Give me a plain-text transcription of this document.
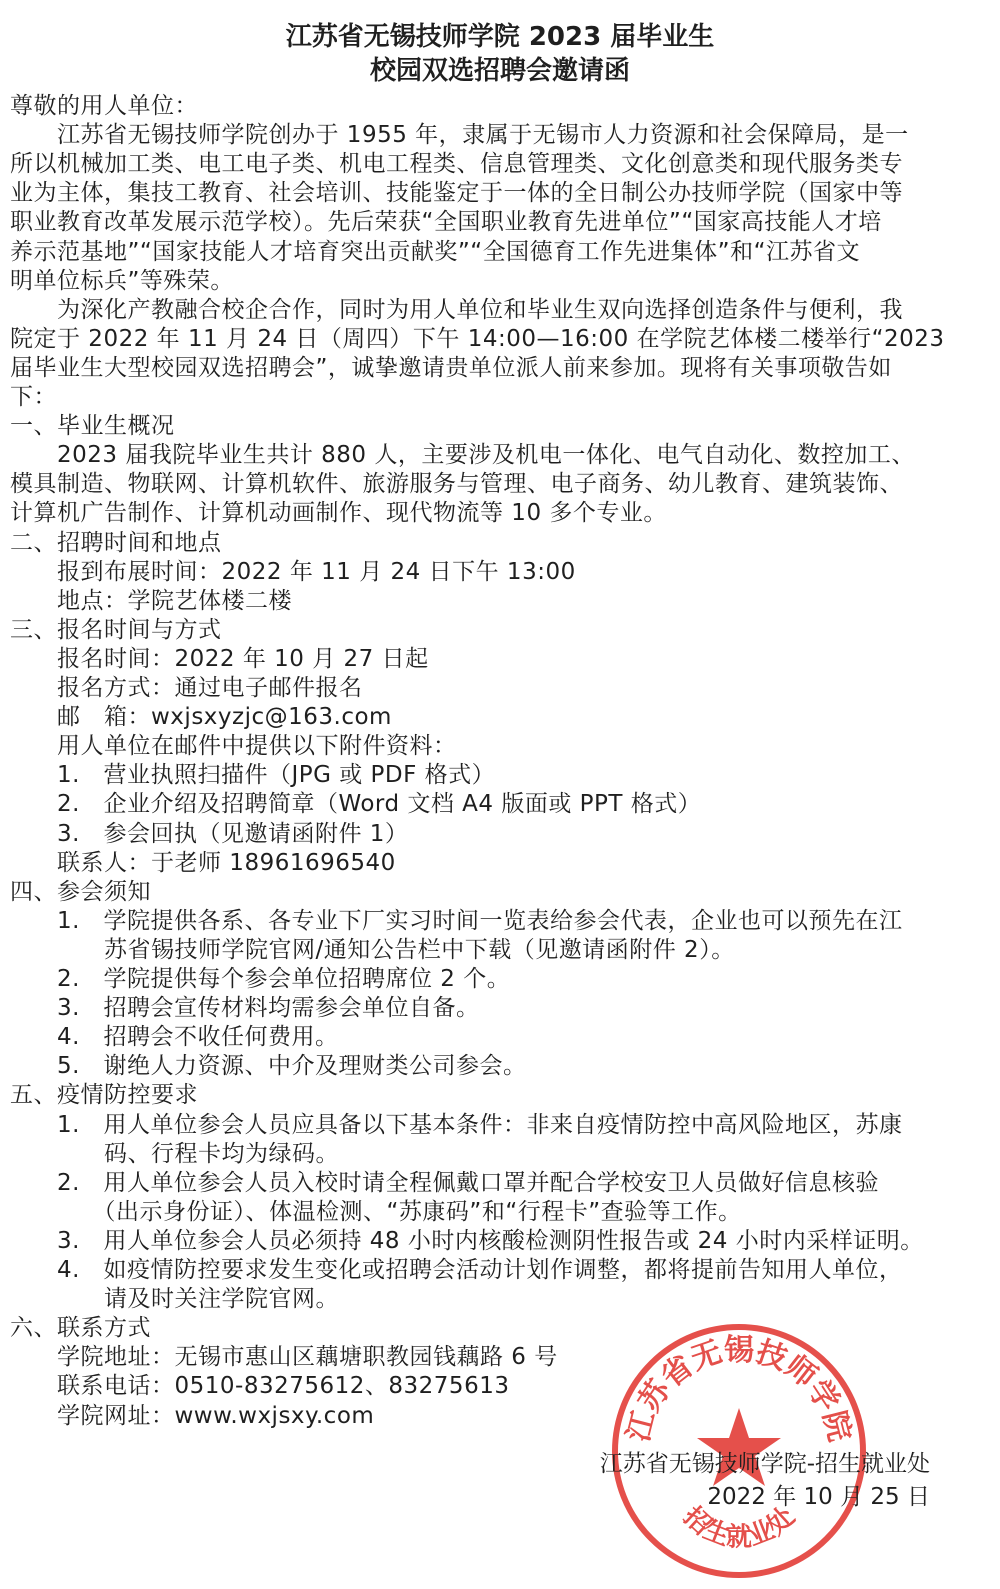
江苏省无锡技师学院 2023 届毕业生
校园双选招聘会邀请函
尊敬的用人单位：
　　江苏省无锡技师学院创办于 1955 年，隶属于无锡市人力资源和社会保障局，是一
所以机械加工类、电工电子类、机电工程类、信息管理类、文化创意类和现代服务类专
业为主体，集技工教育、社会培训、技能鉴定于一体的全日制公办技师学院（国家中等
职业教育改革发展示范学校）。先后荣获“全国职业教育先进单位”“国家高技能人才培
养示范基地”“国家技能人才培育突出贡献奖”“全国德育工作先进集体”和“江苏省文
明单位标兵”等殊荣。
　　为深化产教融合校企合作，同时为用人单位和毕业生双向选择创造条件与便利，我
院定于 2022 年 11 月 24 日（周四）下午 14:00—16:00 在学院艺体楼二楼举行“2023
届毕业生大型校园双选招聘会”，诚挚邀请贵单位派人前来参加。现将有关事项敬告如
下：
一、毕业生概况
　　2023 届我院毕业生共计 880 人，主要涉及机电一体化、电气自动化、数控加工、
模具制造、物联网、计算机软件、旅游服务与管理、电子商务、幼儿教育、建筑装饰、
计算机广告制作、计算机动画制作、现代物流等 10 多个专业。
二、招聘时间和地点
　　报到布展时间：2022 年 11 月 24 日下午 13:00
　　地点：学院艺体楼二楼
三、报名时间与方式
　　报名时间：2022 年 10 月 27 日起
　　报名方式：通过电子邮件报名
　　邮　箱：wxjsxyzjc@163.com
　　用人单位在邮件中提供以下附件资料：
　　1.　营业执照扫描件（JPG 或 PDF 格式）
　　2.　企业介绍及招聘简章（Word 文档 A4 版面或 PPT 格式）
　　3.　参会回执（见邀请函附件 1）
　　联系人：于老师 18961696540
四、参会须知
　　1.　学院提供各系、各专业下厂实习时间一览表给参会代表，企业也可以预先在江
　　　　苏省锡技师学院官网/通知公告栏中下载（见邀请函附件 2）。
　　2.　学院提供每个参会单位招聘席位 2 个。
　　3.　招聘会宣传材料均需参会单位自备。
　　4.　招聘会不收任何费用。
　　5.　谢绝人力资源、中介及理财类公司参会。
五、疫情防控要求
　　1.　用人单位参会人员应具备以下基本条件：非来自疫情防控中高风险地区，苏康
　　　　码、行程卡均为绿码。
　　2.　用人单位参会人员入校时请全程佩戴口罩并配合学校安卫人员做好信息核验
　　　　（出示身份证）、体温检测、“苏康码”和“行程卡”查验等工作。
　　3.　用人单位参会人员必须持 48 小时内核酸检测阴性报告或 24 小时内采样证明。
　　4.　如疫情防控要求发生变化或招聘会活动计划作调整，都将提前告知用人单位，
　　　　请及时关注学院官网。
六、联系方式
　　学院地址：无锡市惠山区藕塘职教园钱藕路 6 号
　　联系电话：0510-83275612、83275613
　　学院网址：www.wxjsxy.com	江苏省无锡技师学院
招生就业处
江苏省无锡技师学院-招生就业处
2022 年 10 月 25 日
